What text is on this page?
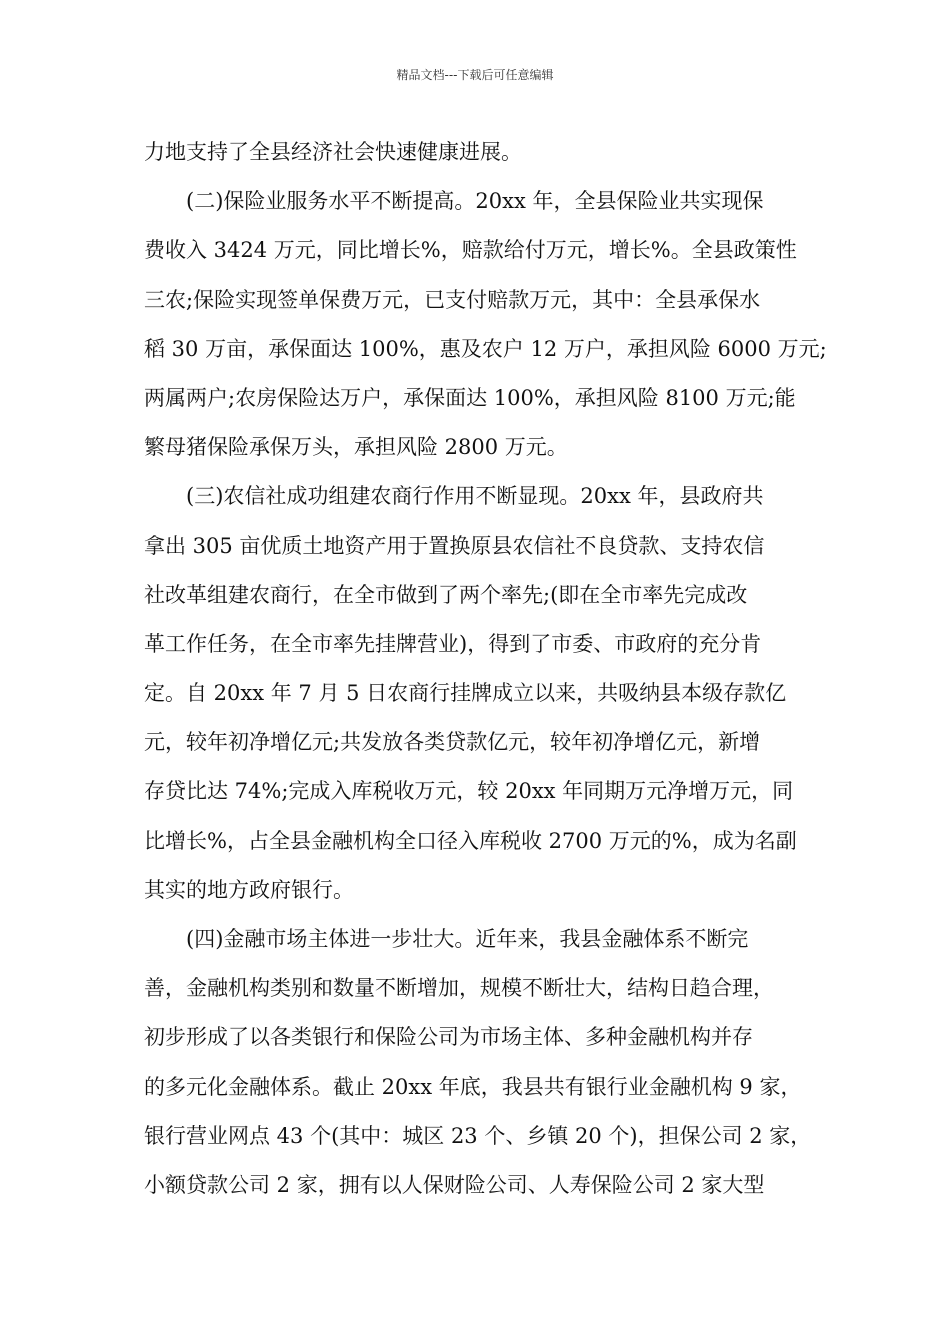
精品文档---下载后可任意编辑
力地支持了全县经济社会快速健康进展。
(二)保险业服务水平不断提高。20xx 年，全县保险业共实现保
费收入 3424 万元，同比增长%，赔款给付万元，增长%。全县政策性
三农;保险实现签单保费万元，已支付赔款万元，其中：全县承保水
稻 30 万亩，承保面达 100%，惠及农户 12 万户，承担风险 6000 万元;
两属两户;农房保险达万户，承保面达 100%，承担风险 8100 万元;能
繁母猪保险承保万头，承担风险 2800 万元。
(三)农信社成功组建农商行作用不断显现。20xx 年，县政府共
拿出 305 亩优质土地资产用于置换原县农信社不良贷款、支持农信
社改革组建农商行，在全市做到了两个率先;(即在全市率先完成改
革工作任务，在全市率先挂牌营业)，得到了市委、市政府的充分肯
定。自 20xx 年 7 月 5 日农商行挂牌成立以来，共吸纳县本级存款亿
元，较年初净增亿元;共发放各类贷款亿元，较年初净增亿元，新增
存贷比达 74%;完成入库税收万元，较 20xx 年同期万元净增万元，同
比增长%，占全县金融机构全口径入库税收 2700 万元的%，成为名副
其实的地方政府银行。
(四)金融市场主体进一步壮大。近年来，我县金融体系不断完
善，金融机构类别和数量不断增加，规模不断壮大，结构日趋合理，
初步形成了以各类银行和保险公司为市场主体、多种金融机构并存
的多元化金融体系。截止 20xx 年底，我县共有银行业金融机构 9 家，
银行营业网点 43 个(其中：城区 23 个、乡镇 20 个)，担保公司 2 家，
小额贷款公司 2 家，拥有以人保财险公司、人寿保险公司 2 家大型
